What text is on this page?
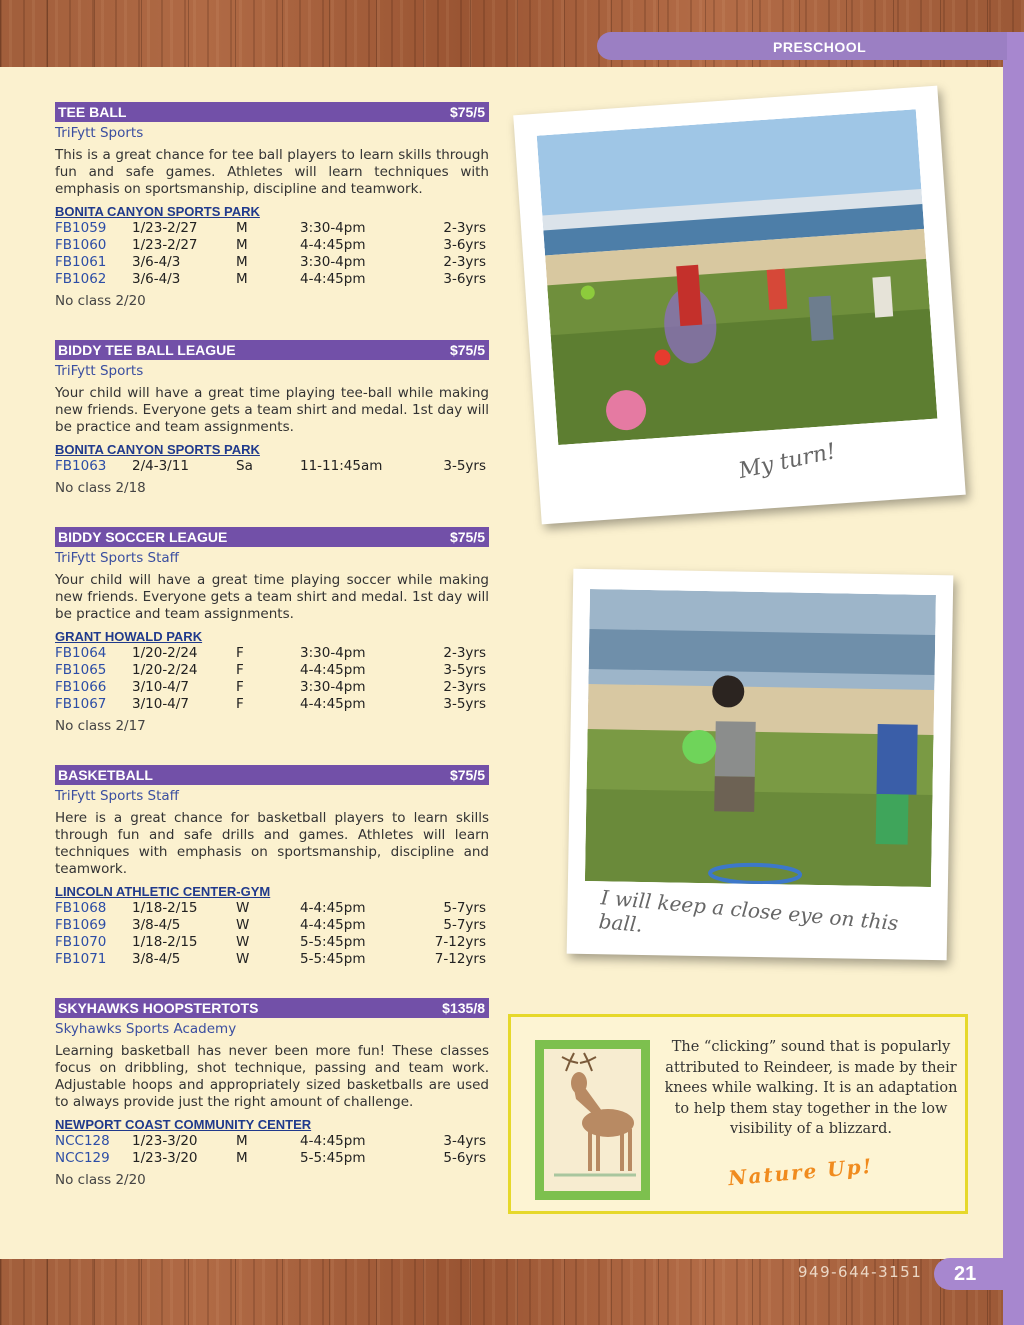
PRESCHOOL
TEE BALL	$75/5
TriFytt Sports
This is a great chance for tee ball players to learn skills through fun and safe games. Athletes will learn techniques with emphasis on sportsmanship, discipline and teamwork.
BONITA CANYON SPORTS PARK
FB1059	1/23-2/27	M	3:30-4pm	2-3yrs
FB1060	1/23-2/27	M	4-4:45pm	3-6yrs
FB1061	3/6-4/3	M	3:30-4pm	2-3yrs
FB1062	3/6-4/3	M	4-4:45pm	3-6yrs
No class 2/20
BIDDY TEE BALL LEAGUE	$75/5
TriFytt Sports
Your child will have a great time playing tee-ball while making new friends. Everyone gets a team shirt and medal. 1st day will be practice and team assignments.
BONITA CANYON SPORTS PARK
FB1063	2/4-3/11	Sa	11-11:45am	3-5yrs
No class 2/18
BIDDY SOCCER LEAGUE	$75/5
TriFytt Sports Staff
Your child will have a great time playing soccer while making new friends. Everyone gets a team shirt and medal. 1st day will be practice and team assignments.
GRANT HOWALD PARK
FB1064	1/20-2/24	F	3:30-4pm	2-3yrs
FB1065	1/20-2/24	F	4-4:45pm	3-5yrs
FB1066	3/10-4/7	F	3:30-4pm	2-3yrs
FB1067	3/10-4/7	F	4-4:45pm	3-5yrs
No class 2/17
BASKETBALL	$75/5
TriFytt Sports Staff
Here is a great chance for basketball players to learn skills through fun and safe drills and games. Athletes will learn techniques with emphasis on sportsmanship, discipline and teamwork.
LINCOLN ATHLETIC CENTER-GYM
FB1068	1/18-2/15	W	4-4:45pm	5-7yrs
FB1069	3/8-4/5	W	4-4:45pm	5-7yrs
FB1070	1/18-2/15	W	5-5:45pm	7-12yrs
FB1071	3/8-4/5	W	5-5:45pm	7-12yrs
SKYHAWKS HOOPSTERTOTS	$135/8
Skyhawks Sports Academy
Learning basketball has never been more fun! These classes focus on dribbling, shot technique, passing and team work. Adjustable hoops and appropriately sized basketballs are used to always provide just the right amount of challenge.
NEWPORT COAST COMMUNITY CENTER
NCC128	1/23-3/20	M	4-4:45pm	3-4yrs
NCC129	1/23-3/20	M	5-5:45pm	5-6yrs
No class 2/20
My turn!
I will keep a close eye on this ball.
The “clicking” sound that is popularly attributed to Reindeer, is made by their knees while walking. It is an adaptation to help them stay together in the low visibility of a blizzard.
Nature Up!
949-644-3151	21
